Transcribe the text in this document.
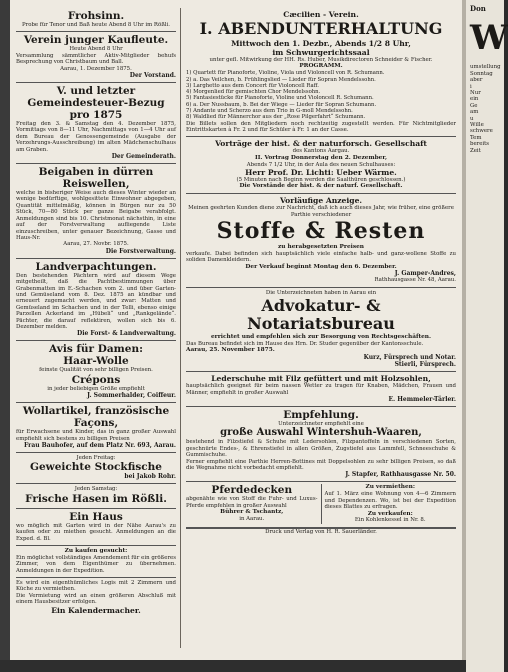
Frohsinn.

Probe für Tenor und Baß heute Abend 8 Uhr im Rößli.

Verein junger Kaufleute.

Heute Abend 8 Uhr

Versammlung sämmtlicher Aktiv-Mitglieder behufs Besprechung von Christbaum und Ball.

Aarau, 1. Dezember 1875.

Der Vorstand.

V. und letzter Gemeindesteuer-Bezug pro 1875

Freitag den 3. & Samstag den 4. Dezember 1875, Vormittags von 8—11 Uhr, Nachmittags von 1—4 Uhr auf dem Bureau der Genossengemeinde (Ausgabe der Verzehrungs-Ausschreibung) im alten Mädchenschulhaus am Graben.

Der Gemeinderath.

Beigaben in dürren Reiswellen,

welche in bisheriger Weise auch dieses Winter wieder an wenige bedürftige, wohlgesittete Einwohner abgegeben, Quantität mittelmäßig, können in Bürgen nur zu 50 Stück, 70—80 Stück per ganze Beigabe verabfolgt. Anmeldungen sind bis 10. Christmonat nächsthin, in eine auf der Forstverwaltung aufliegende Liste einzuschreiben, unter genauer Bezeichnung, Gasse und Haus-Nr.

Aarau, 27. Novbr. 1875.

Die Forstverwaltung.

Landverpachtungen.

Den bestehenden Pächtern wird auf diesem Wege mitgetheilt, daß die Pachtbestimmungen über Grabenmatten im E.-Schachen vom 2. und über Garten- und Gemüseland vom 8. Dez. 1875 an kündbar und erneuert zugemacht werden, und zwar: Matten und Gemüseland im Schachen und in der Telli, ebenso einige Parzellen Ackerland im „Hübeli“ und „Rankgelände“. Pächter, die darauf reflektiren, wollen sich bis 6. Dezember melden.

Die Forst- & Landverwaltung.

Avis für Damen:

Haar-Wolle

feinste Qualität von sehr billigen Preisen.

Crépons

in jeder beliebigen Größe empfiehlt

J. Sommerhalder, Coiffeur.

Wollartikel, französische Façons,

für Erwachsene und Kinder, das in ganz großer Auswahl empfiehlt sich bestens zu billigen Preisen

Frau Bauhofer, auf dem Platz Nr. 693, Aarau.

Jeden Freitag:

Geweichte Stockfische

bei Jakob Rohr.

Jeden Samstag:

Frische Hasen im Rößli.

Ein Haus

wo möglich mit Garten wird in der Nähe Aarau's zu kaufen oder zu miethen gesucht. Anmeldungen an die Exped. d. Bl.

Zu kaufen gesucht:

Ein möglichst vollständiges Amendement für ein größeres Zimmer, von dem Eigenthümer zu übernehmen. Anmeldungen in der Expedition.

Es wird ein eigenthümliches Logis mit 2 Zimmern und Küche zu vermiethen.

Die Vermietung wird an einen größeren Abschluß mit einem Hausbesitzer erfolgen.

Ein Kalendermacher.

Cæcilien - Verein.

I. ABENDUNTERHALTUNG

Mittwoch den 1. Dezbr., Abends 1/2 8 Uhr,

im Schwurgerichtssaal

unter gefl. Mitwirkung der HH. Rs. Huber, Musikdirectoren Schneider & Fischer.

PROGRAMM.

1) Quartett für Pianoforte, Violine, Viola und Violoncell von R. Schumann.

2) a. Das Veilchen, b. Frühlingslied — Lieder für Sopran Mendelssohn.

3) Larghetto aus dem Concert für Violoncell Raff.

4) Morgenlied für gemischten Chor Mendelssohn.

5) Fantasiestücke für Pianoforte, Violine und Violoncell R. Schumann.

6) a. Der Nussbaum, b. Bei der Wiege — Lieder für Sopran Schumann.

7) Andante und Scherzo aus dem Trio in G-moll Mendelssohn.

8) Waldlied für Männerchor aus der „Rose Pilgerfahrt“ Schumann.

Die Billets sollen den Mitgliedern noch rechtzeitig zugestellt werden. Für Nichtmitglieder Eintrittskarten à Fr. 2 und für Schüler à Fr. 1 an der Casse.

Vorträge der hist. & der naturforsch. Gesellschaft

des Kantons Aargau.

II. Vortrag Donnerstag den 2. Dezember,

Abends 7 1/2 Uhr, in der Aula des neuen Schulhauses:

Herr Prof. Dr. Lichti: Ueber Wärme.

(5 Minuten nach Beginn werden die Saalthüren geschlossen.)

Die Vorstände der hist. & der naturf. Gesellschaft.

Vorläufige Anzeige.

Meinen geehrten Kunden diene zur Nachricht, daß ich auch dieses Jahr, wie früher, eine größere Parthie verschiedener

Stoffe & Resten

zu herabgesetzten Preisen

verkaufe. Dabei befinden sich hauptsächlich viele einfache halb- und ganz-wollene Stoffe zu soliden Damenkleidern.

Der Verkauf beginnt Montag den 6. Dezember.

J. Gamper-Andres,

Rathhausgasse Nr. 48, Aarau.

Die Unterzeichneten haben in Aarau ein

Advokatur- & Notariatsbureau

errichtet und empfehlen sich zur Besorgung von Rechtsgeschäften.

Das Bureau befindet sich im Hause des Hrn. Dr. Studer gegenüber der Kantonsschule.

Aarau, 25. November 1875.

Kurz, Fürsprech und Notar.

Stierli, Fürsprech.

Lederschuhe mit Filz gefüttert und mit Holzsohlen,

hauptsächlich geeignet für beim nassen Wetter zu tragen für Knaben, Mädchen, Frauen und Männer, empfiehlt in großer Auswahl

E. Hemmeler-Tärler.

Empfehlung.

Unterzeichneter empfiehlt eine

große Auswahl Wintershuh-Waaren,

bestehend in Filzstiefel & Schuhe mit Ledersohlen, Filzpantoffeln in verschiedenen Sorten, geschnürte Endes-, & Ehrenstiefel in allen Größen, Zugstiefel aus Lammfell, Schneeschuhe & Gummischuhe.

Ferner empfiehlt eine Parthie Herren-Bottines mit Doppelsohlen zu sehr billigen Preisen, so daß die Wegnahme nicht vorbedacht empfiehlt.

J. Stapfer, Rathhausgasse Nr. 50.

Pferdedecken

abgenähte wie von Stoff die Fuhr- und Luxus-Pferde empfehlen in großer Auswahl

Bührer & Tschantz,

in Aarau.

Zu vermiethen:

Auf 1. März eine Wohnung von 4—6 Zimmern und Dependenzen. Wo, ist bei der Expedition dieses Blattes zu erfragen.

Zu verkaufen:

Ein Kohlenkessel in Nr. 8.

Druck und Verlag von H. R. Sauerländer.

Don

W

umstellung

Sonntag

aber

i

Nur

ein

Ge

am

u

Wille

schwere

Tem

bereits

Zeit
